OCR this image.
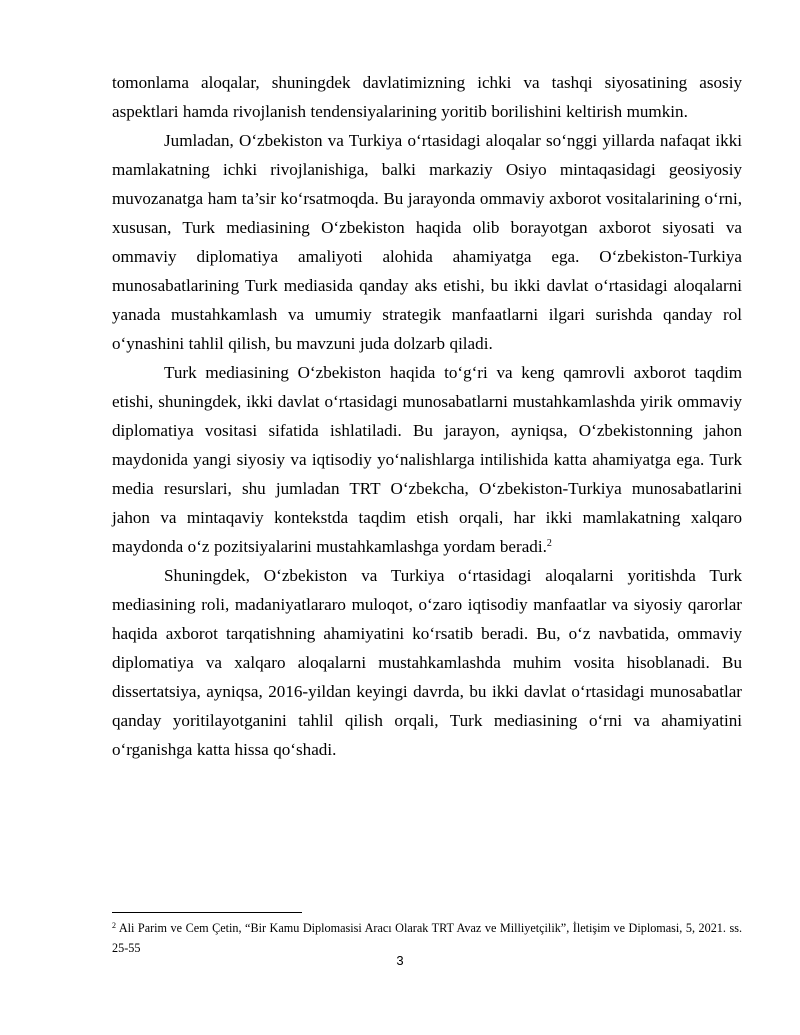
tomonlama aloqalar, shuningdek davlatimizning ichki va tashqi siyosatining asosiy aspektlari hamda rivojlanish tendensiyalarining yoritib borilishini keltirish mumkin.

Jumladan, O‘zbekiston va Turkiya o‘rtasidagi aloqalar so‘nggi yillarda nafaqat ikki mamlakatning ichki rivojlanishiga, balki markaziy Osiyo mintaqasidagi geosiyosiy muvozanatga ham ta’sir ko‘rsatmoqda. Bu jarayonda ommaviy axborot vositalarining o‘rni, xususan, Turk mediasining O‘zbekiston haqida olib borayotgan axborot siyosati va ommaviy diplomatiya amaliyoti alohida ahamiyatga ega. O‘zbekiston-Turkiya munosabatlarining Turk mediasida qanday aks etishi, bu ikki davlat o‘rtasidagi aloqalarni yanada mustahkamlash va umumiy strategik manfaatlarni ilgari surishda qanday rol o‘ynashini tahlil qilish, bu mavzuni juda dolzarb qiladi.

Turk mediasining O‘zbekiston haqida to‘g‘ri va keng qamrovli axborot taqdim etishi, shuningdek, ikki davlat o‘rtasidagi munosabatlarni mustahkamlashda yirik ommaviy diplomatiya vositasi sifatida ishlatiladi. Bu jarayon, ayniqsa, O‘zbekistonning jahon maydonida yangi siyosiy va iqtisodiy yo‘nalishlarga intilishida katta ahamiyatga ega. Turk media resurslari, shu jumladan TRT O‘zbekcha, O‘zbekiston-Turkiya munosabatlarini jahon va mintaqaviy kontekstda taqdim etish orqali, har ikki mamlakatning xalqaro maydonda o‘z pozitsiyalarini mustahkamlashga yordam beradi.$^2$

Shuningdek, O‘zbekiston va Turkiya o‘rtasidagi aloqalarni yoritishda Turk mediasining roli, madaniyatlararo muloqot, o‘zaro iqtisodiy manfaatlar va siyosiy qarorlar haqida axborot tarqatishning ahamiyatini ko‘rsatib beradi. Bu, o‘z navbatida, ommaviy diplomatiya va xalqaro aloqalarni mustahkamlashda muhim vosita hisoblanadi. Bu dissertatsiya, ayniqsa, 2016-yildan keyingi davrda, bu ikki davlat o‘rtasidagi munosabatlar qanday yoritilayotganini tahlil qilish orqali, Turk mediasining o‘rni va ahamiyatini o‘rganishga katta hissa qo‘shadi.

$^2$ Ali Parim ve Cem Çetin, “Bir Kamu Diplomasisi Aracı Olarak TRT Avaz ve Milliyetçilik”, İletişim ve Diplomasi, 5, 2021. ss. 25-55

3
